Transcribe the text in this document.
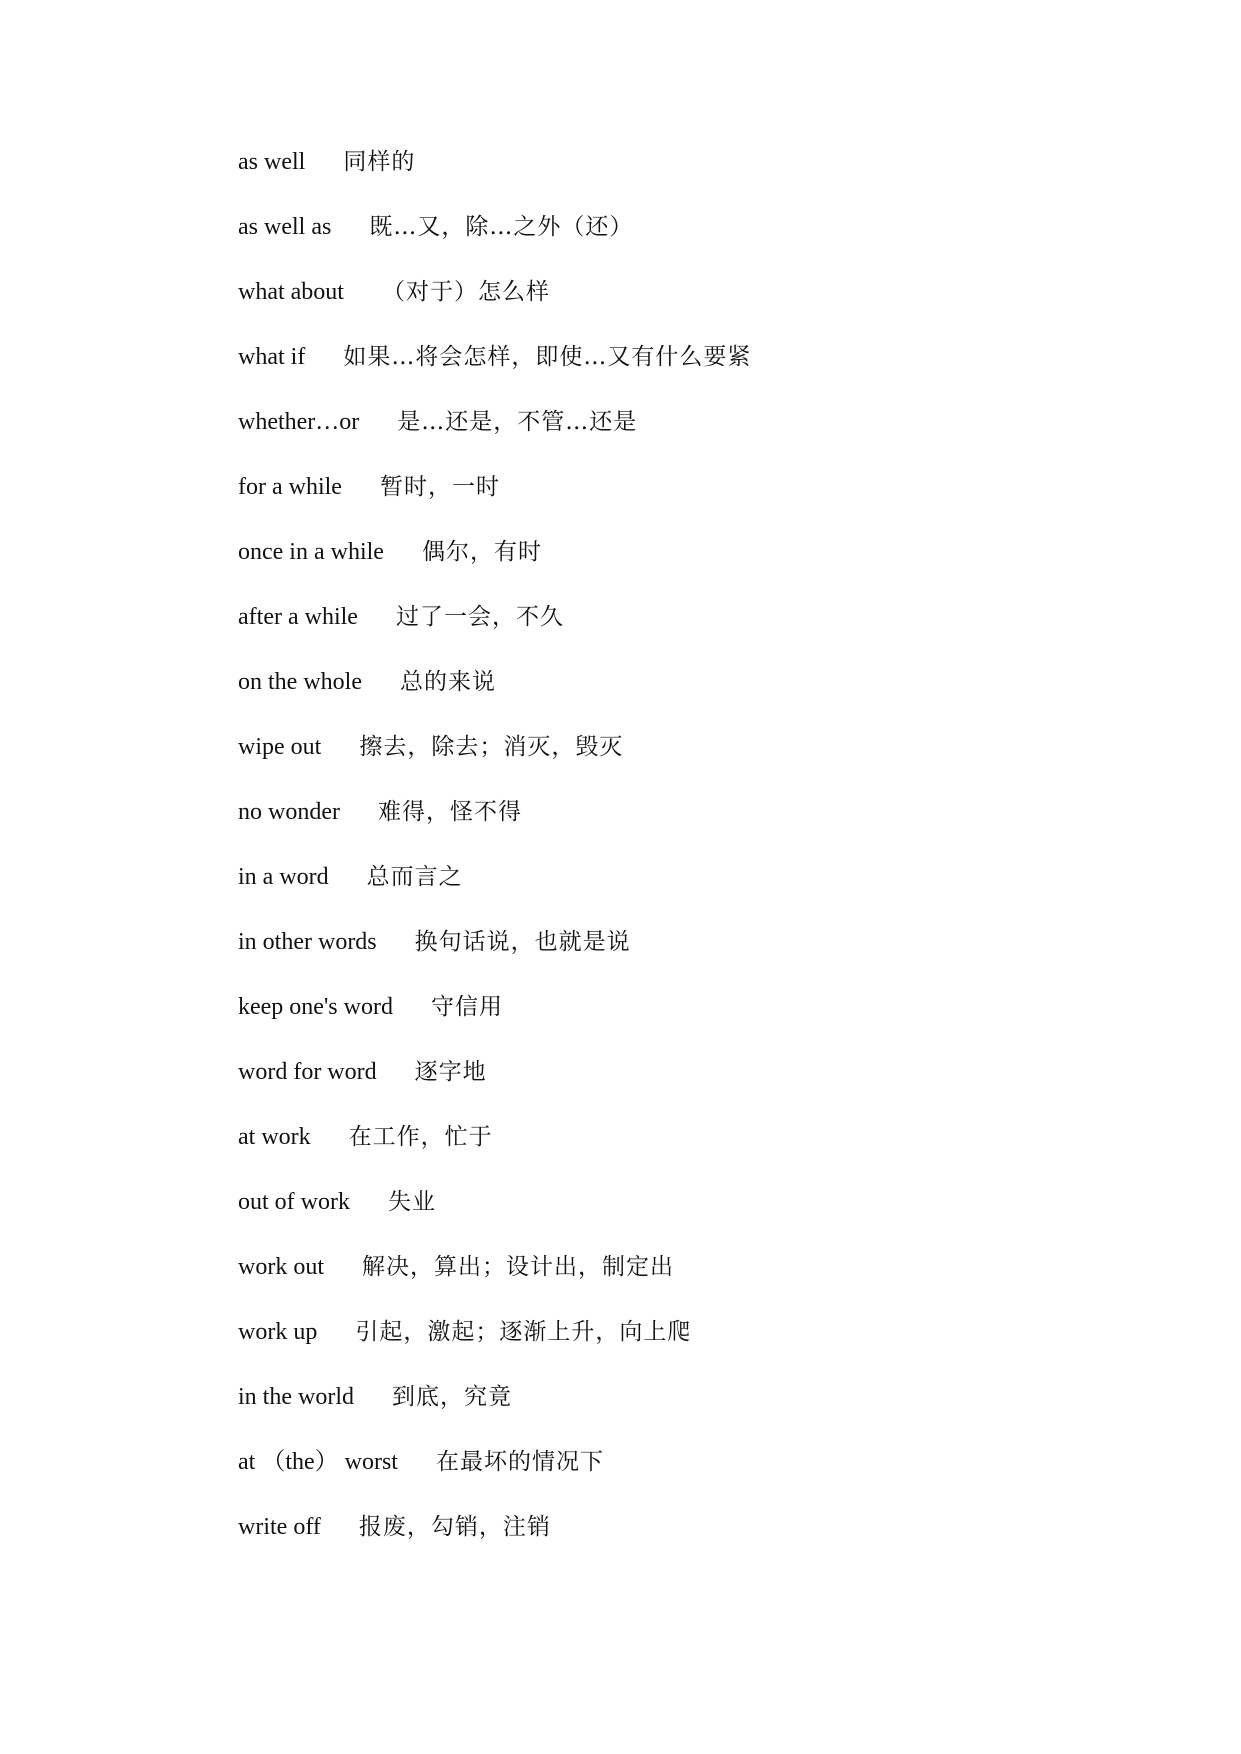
as well 同样的
as well as 既…又，除…之外（还）
what about （对于）怎么样
what if 如果…将会怎样，即使…又有什么要紧
whether…or 是…还是，不管…还是
for a while 暂时，一时
once in a while 偶尔，有时
after a while 过了一会，不久
on the whole 总的来说
wipe out 擦去，除去；消灭，毁灭
no wonder 难得，怪不得
in a word 总而言之
in other words 换句话说，也就是说
keep one's word 守信用
word for word 逐字地
at work 在工作，忙于
out of work 失业
work out 解决，算出；设计出，制定出
work up 引起，激起；逐渐上升，向上爬
in the world 到底，究竟
at （the） worst 在最坏的情况下
write off 报废，勾销，注销
